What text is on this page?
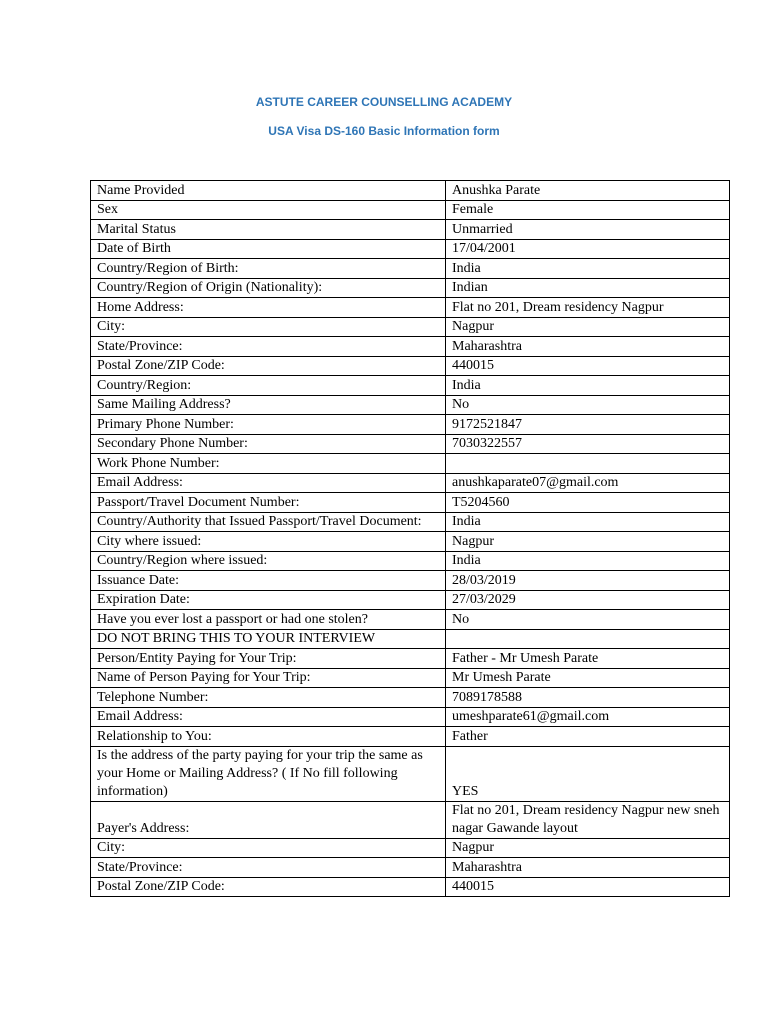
ASTUTE CAREER COUNSELLING ACADEMY
USA Visa DS-160 Basic Information form
Name Provided	Anushka Parate
Sex	Female
Marital Status	Unmarried
Date of Birth	17/04/2001
Country/Region of Birth:	India
Country/Region of Origin (Nationality):	Indian
Home Address:	Flat no 201, Dream residency Nagpur
City:	Nagpur
State/Province:	Maharashtra
Postal Zone/ZIP Code:	440015
Country/Region:	India
Same Mailing Address?	No
Primary Phone Number:	9172521847
Secondary Phone Number:	7030322557
Work Phone Number:	
Email Address:	anushkaparate07@gmail.com
Passport/Travel Document Number:	T5204560
Country/Authority that Issued Passport/Travel Document:	India
City where issued:	Nagpur
Country/Region where issued:	India
Issuance Date:	28/03/2019
Expiration Date:	27/03/2029
Have you ever lost a passport or had one stolen?	No
DO NOT BRING THIS TO YOUR INTERVIEW	
Person/Entity Paying for Your Trip:	Father - Mr Umesh Parate
Name of Person Paying for Your Trip:	Mr Umesh Parate
Telephone Number:	7089178588
Email Address:	umeshparate61@gmail.com
Relationship to You:	Father
Is the address of the party paying for your trip the same as your Home or Mailing Address? ( If No fill following information)	YES
Payer's Address:	Flat no 201, Dream residency Nagpur new sneh nagar Gawande layout
City:	Nagpur
State/Province:	Maharashtra
Postal Zone/ZIP Code:	440015
